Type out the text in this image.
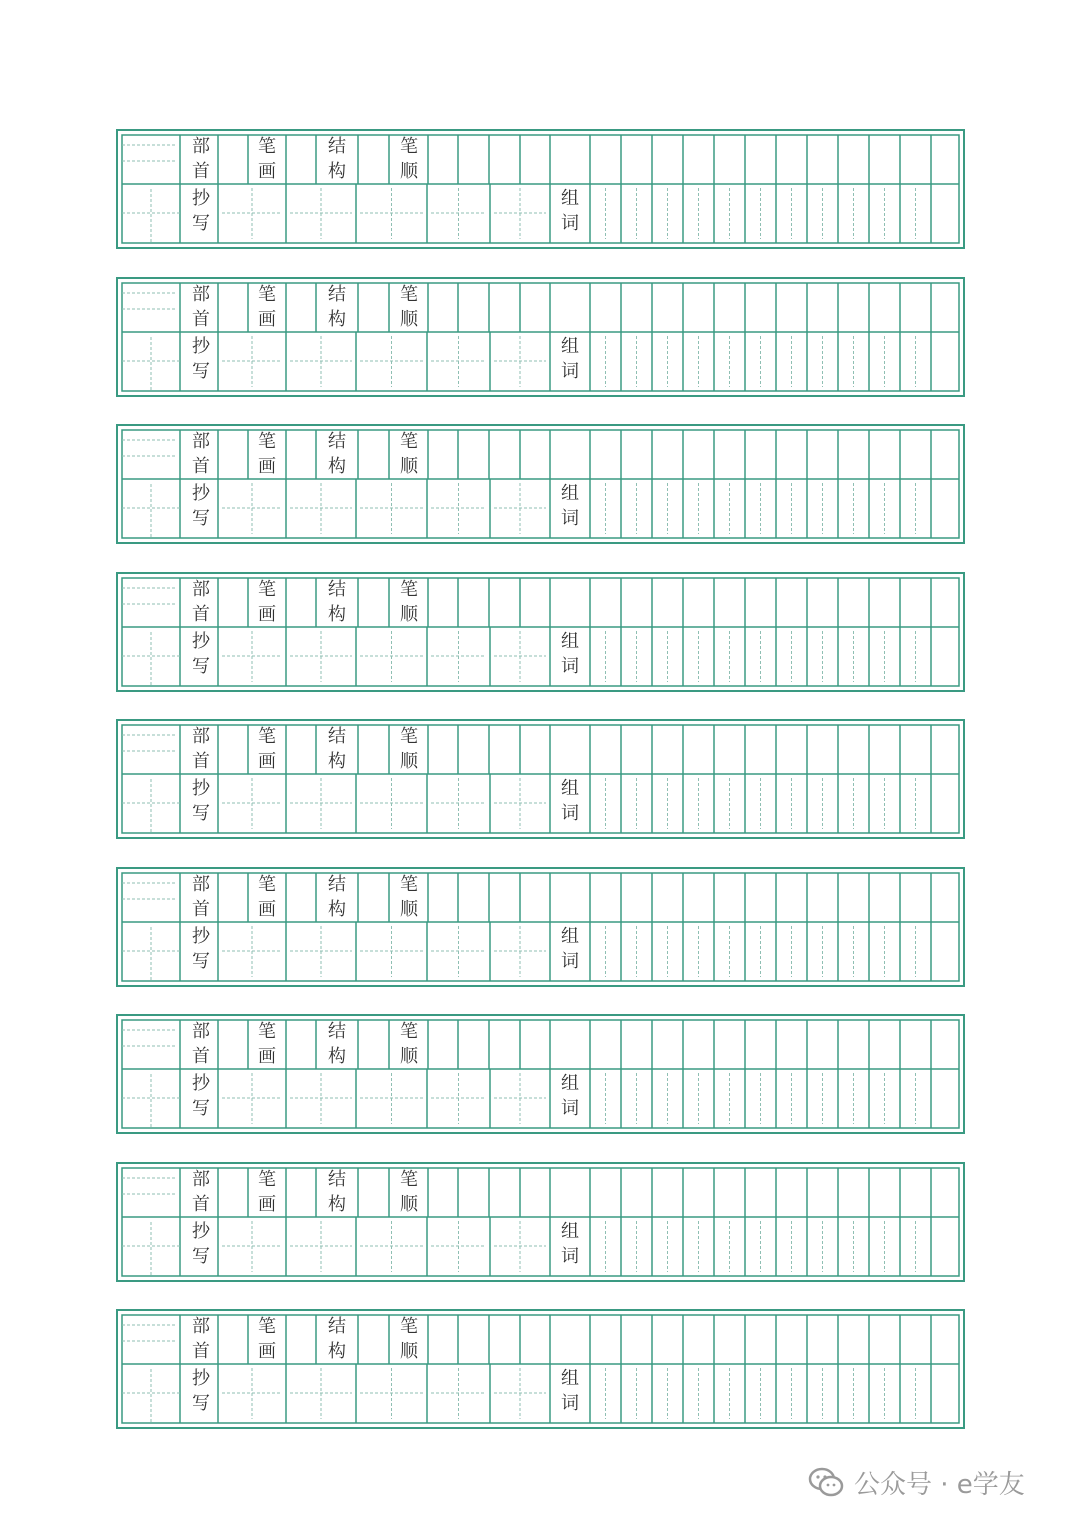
部
首
笔
画
结
构
笔
顺
抄
写
组
词
部
首
笔
画
结
构
笔
顺
抄
写
组
词
部
首
笔
画
结
构
笔
顺
抄
写
组
词
部
首
笔
画
结
构
笔
顺
抄
写
组
词
部
首
笔
画
结
构
笔
顺
抄
写
组
词
部
首
笔
画
结
构
笔
顺
抄
写
组
词
部
首
笔
画
结
构
笔
顺
抄
写
组
词
部
首
笔
画
结
构
笔
顺
抄
写
组
词
部
首
笔
画
结
构
笔
顺
抄
写
组
词
公众号 · e学友
